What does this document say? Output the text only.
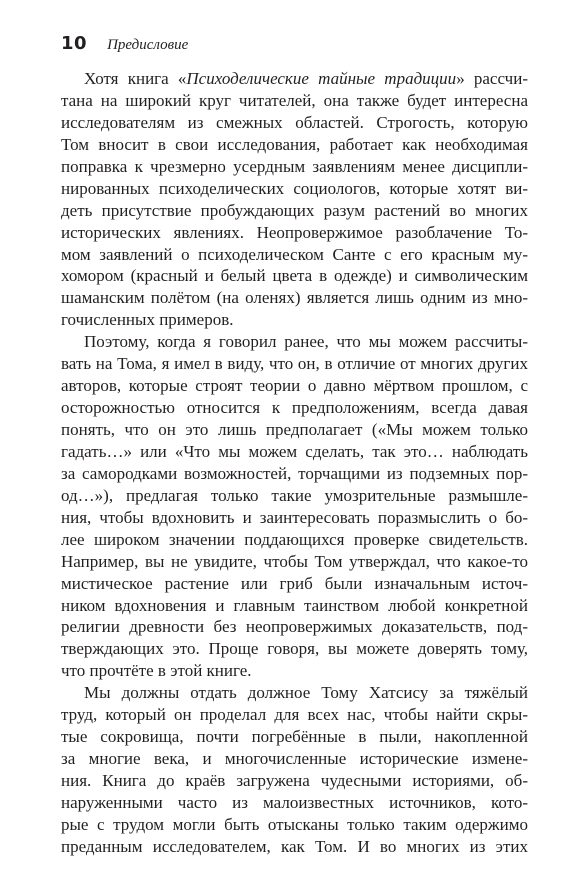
10 Предисловие
Хотя книга «Психоделические тайные традиции» рассчи-
тана на широкий круг читателей, она также будет интересна
исследователям из смежных областей. Строгость, которую
Том вносит в свои исследования, работает как необходимая
поправка к чрезмерно усердным заявлениям менее дисципли-
нированных психоделических социологов, которые хотят ви-
деть присутствие пробуждающих разум растений во многих
исторических явлениях. Неопровержимое разоблачение То-
мом заявлений о психоделическом Санте с его красным му-
хомором (красный и белый цвета в одежде) и символическим
шаманским полётом (на оленях) является лишь одним из мно-
гочисленных примеров.
Поэтому, когда я говорил ранее, что мы можем рассчиты-
вать на Тома, я имел в виду, что он, в отличие от многих других
авторов, которые строят теории о давно мёртвом прошлом, с
осторожностью относится к предположениям, всегда давая
понять, что он это лишь предполагает («Мы можем только
гадать…» или «Что мы можем сделать, так это… наблюдать
за самородками возможностей, торчащими из подземных пор-
од…»), предлагая только такие умозрительные размышле-
ния, чтобы вдохновить и заинтересовать поразмыслить о бо-
лее широком значении поддающихся проверке свидетельств.
Например, вы не увидите, чтобы Том утверждал, что какое-то
мистическое растение или гриб были изначальным источ-
ником вдохновения и главным таинством любой конкретной
религии древности без неопровержимых доказательств, под-
тверждающих это. Проще говоря, вы можете доверять тому,
что прочтёте в этой книге.
Мы должны отдать должное Тому Хатсису за тяжёлый
труд, который он проделал для всех нас, чтобы найти скры-
тые сокровища, почти погребённые в пыли, накопленной
за многие века, и многочисленные исторические измене-
ния. Книга до краёв загружена чудесными историями, об-
наруженными часто из малоизвестных источников, кото-
рые с трудом могли быть отысканы только таким одержимо
преданным исследователем, как Том. И во многих из этих
